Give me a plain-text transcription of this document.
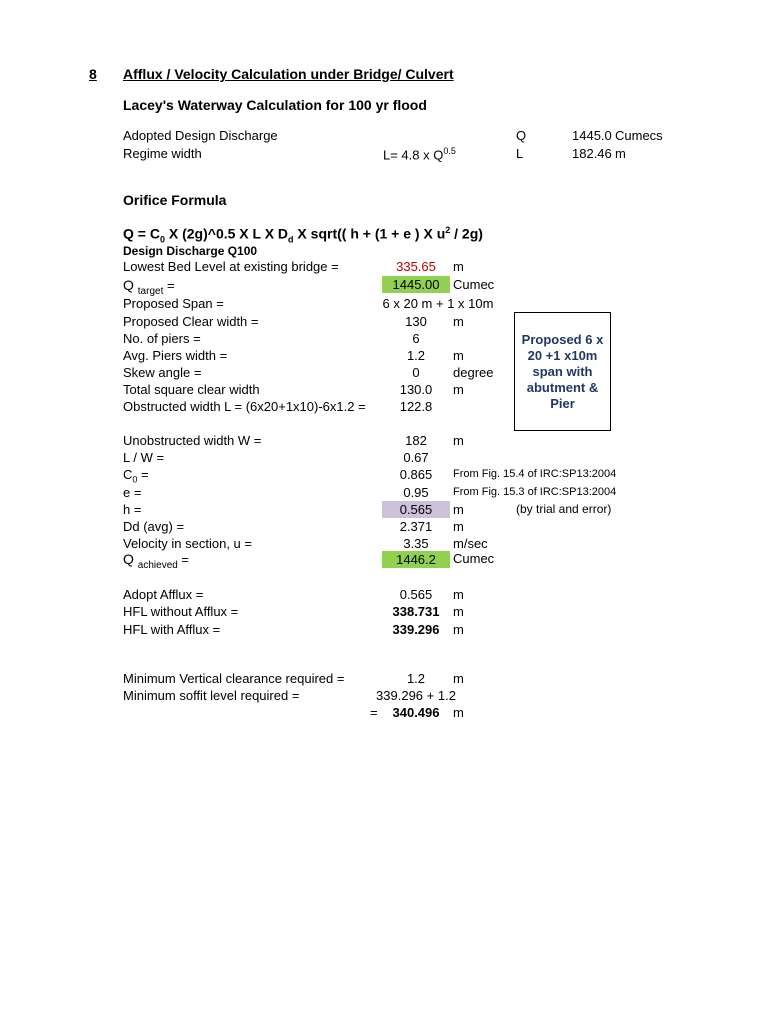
8 Afflux / Velocity Calculation under Bridge/ Culvert
Lacey's Waterway Calculation for 100 yr flood
Adopted Design Discharge	Q	1445.0 Cumecs
Regime width	L= 4.8 x $Q^{0.5}$	L	182.46 m
Orifice Formula
$Q = C_0$ X (2g)^0.5 X L X $D_d$ X sqrt(( h + (1 + e ) X $u^2 / 2g$)
Design Discharge Q100
Lowest Bed Level at existing bridge =	335.65	m
Q $_{target}$ =	1445.00	Cumec
Proposed Span =	6 x 20 m + 1 x 10m
Proposed Clear width =	130	m
No. of piers =	6
Avg. Piers width =	1.2	m
Skew angle =	0	degree
Total square clear width	130.0	m
Obstructed width L = (6x20+1x10)-6x1.2 =	122.8
Unobstructed width W =	182	m
L / W =	0.67
$C_0$ =	0.865	From Fig. 15.4 of IRC:SP13:2004
e =	0.95	From Fig. 15.3 of IRC:SP13:2004
h =	0.565	m	(by trial and error)
Dd (avg) =	2.371	m
Velocity in section, u =	3.35	m/sec
Q $_{achieved}$ =	1446.2	Cumec
Adopt Afflux =	0.565	m
HFL without Afflux =	338.731	m
HFL with Afflux =	339.296	m
Minimum Vertical clearance required =	1.2	m
Minimum soffit level required =	339.296 + 1.2
=	340.496	m
Proposed 6 x 20 +1 x10m span with abutment & Pier
